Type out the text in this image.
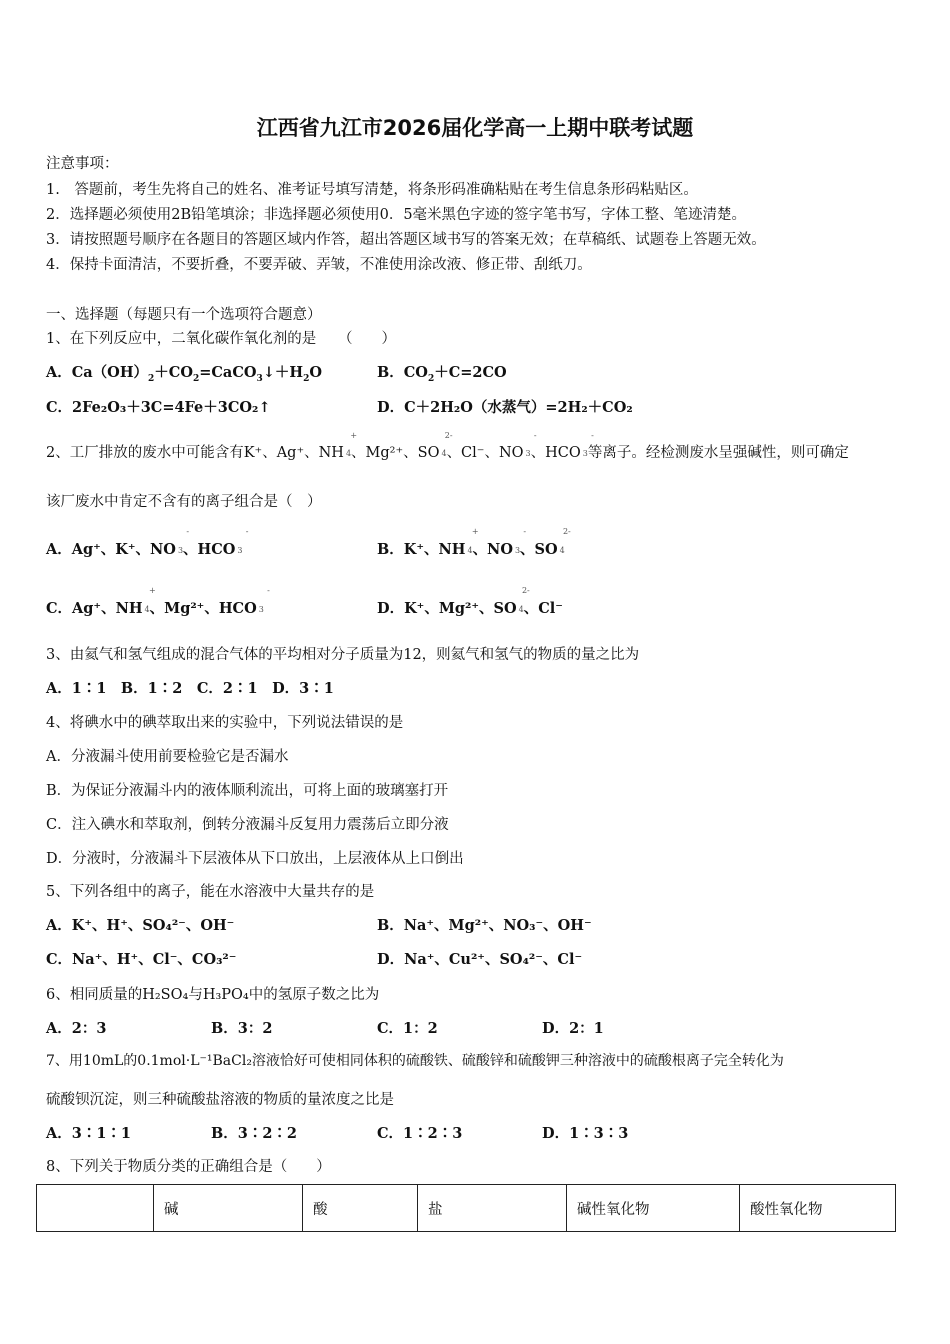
江西省九江市2026届化学高一上期中联考试题
注意事项：
1.　答题前，考生先将自己的姓名、准考证号填写清楚，将条形码准确粘贴在考生信息条形码粘贴区。
2．选择题必须使用2B铅笔填涂；非选择题必须使用0．5毫米黑色字迹的签字笔书写，字体工整、笔迹清楚。
3．请按照题号顺序在各题目的答题区域内作答，超出答题区域书写的答案无效；在草稿纸、试题卷上答题无效。
4．保持卡面清洁，不要折叠，不要弄破、弄皱，不准使用涂改液、修正带、刮纸刀。
一、选择题（每题只有一个选项符合题意）
1、在下列反应中，二氧化碳作氧化剂的是　　（　　）
A．$Ca(OH)_2+CO_2=CaCO_3↓+H_2O$	B．$CO_2+C=2CO$
C．2Fe₂O₃＋3C=4Fe＋3CO₂↑	D．C＋2H₂O（水蒸气）=2H₂＋CO₂
2、工厂排放的废水中可能含有K⁺、Ag⁺、NH
+
4、Mg²⁺、SO
2-
4、Cl⁻、NO
-
3、HCO
-
3等离子。经检测废水呈强碱性，则可确定
该厂废水中肯定不含有的离子组合是（　）
A．Ag⁺、K⁺、NO
-
3、HCO
-
3	B．K⁺、NH
+
4、NO
-
3、SO
2-
4
C．Ag⁺、NH
+
4、Mg²⁺、HCO
-
3	D．K⁺、Mg²⁺、SO
2-
4、Cl⁻
3、由氦气和氢气组成的混合气体的平均相对分子质量为12，则氦气和氢气的物质的量之比为
A．1∶1　B．1∶2　C．2∶1　D．3∶1
4、将碘水中的碘萃取出来的实验中，下列说法错误的是
A．分液漏斗使用前要检验它是否漏水
B．为保证分液漏斗内的液体顺利流出，可将上面的玻璃塞打开
C．注入碘水和萃取剂，倒转分液漏斗反复用力震荡后立即分液
D．分液时，分液漏斗下层液体从下口放出，上层液体从上口倒出
5、下列各组中的离子，能在水溶液中大量共存的是
A．K⁺、H⁺、SO₄²⁻、OH⁻	B．Na⁺、Mg²⁺、NO₃⁻、OH⁻
C．Na⁺、H⁺、Cl⁻、CO₃²⁻	D．Na⁺、Cu²⁺、SO₄²⁻、Cl⁻
6、相同质量的H₂SO₄与H₃PO₄中的氢原子数之比为
A．2：3	B．3：2	C．1：2	D．2：1
7、用10mL的0.1mol·L⁻¹BaCl₂溶液恰好可使相同体积的硫酸铁、硫酸锌和硫酸钾三种溶液中的硫酸根离子完全转化为
硫酸钡沉淀，则三种硫酸盐溶液的物质的量浓度之比是
A．3∶1∶1	B．3∶2∶2	C．1∶2∶3	D．1∶3∶3
8、下列关于物质分类的正确组合是（　　）
	碱	酸	盐	碱性氧化物	酸性氧化物
